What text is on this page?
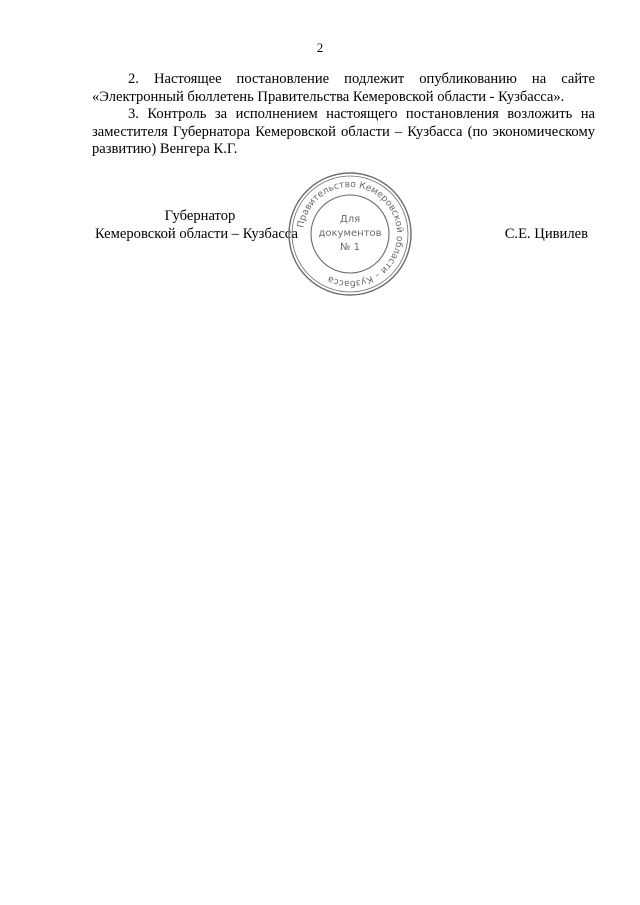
2

2. Настоящее постановление подлежит опубликованию на сайте «Электронный бюллетень Правительства Кемеровской области - Кузбасса».

3. Контроль за исполнением настоящего постановления возложить на заместителя Губернатора Кемеровской области – Кузбасса (по экономическому развитию) Венгера К.Г.

Губернатор
Кемеровской области – Кузбасса	С.Е. Цивилев
Правительство Кемеровской области – Кузбасса
Для
документов
№ 1
